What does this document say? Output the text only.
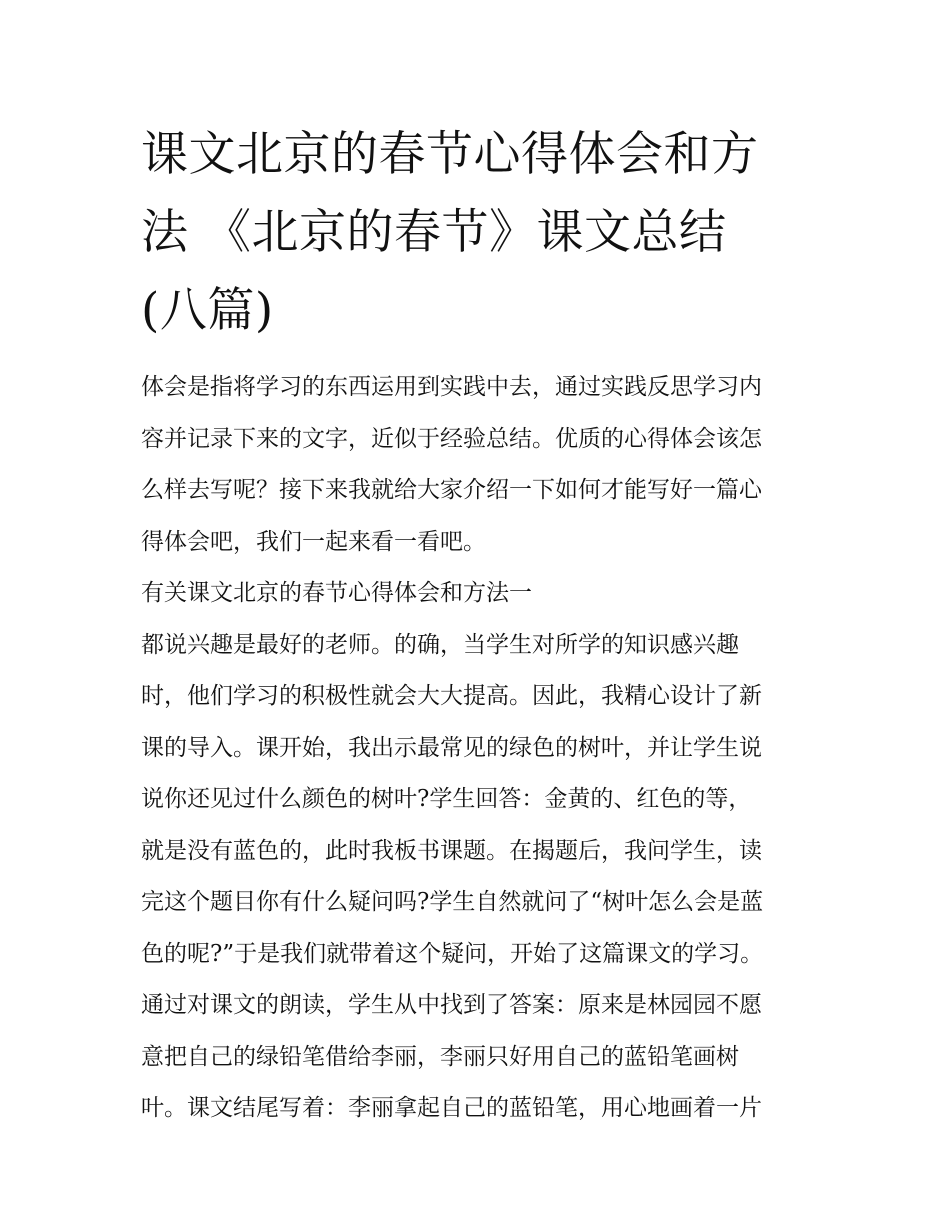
课文北京的春节心得体会和方
法 《北京的春节》课文总结
(八篇)
体会是指将学习的东西运用到实践中去，通过实践反思学习内
容并记录下来的文字，近似于经验总结。优质的心得体会该怎
么样去写呢？接下来我就给大家介绍一下如何才能写好一篇心
得体会吧，我们一起来看一看吧。
有关课文北京的春节心得体会和方法一
都说兴趣是最好的老师。的确，当学生对所学的知识感兴趣
时，他们学习的积极性就会大大提高。因此，我精心设计了新
课的导入。课开始，我出示最常见的绿色的树叶，并让学生说
说你还见过什么颜色的树叶?学生回答：金黄的、红色的等，
就是没有蓝色的，此时我板书课题。在揭题后，我问学生，读
完这个题目你有什么疑问吗?学生自然就问了“树叶怎么会是蓝
色的呢?”于是我们就带着这个疑问，开始了这篇课文的学习。
通过对课文的朗读，学生从中找到了答案：原来是林园园不愿
意把自己的绿铅笔借给李丽，李丽只好用自己的蓝铅笔画树
叶。课文结尾写着：李丽拿起自己的蓝铅笔，用心地画着一片
